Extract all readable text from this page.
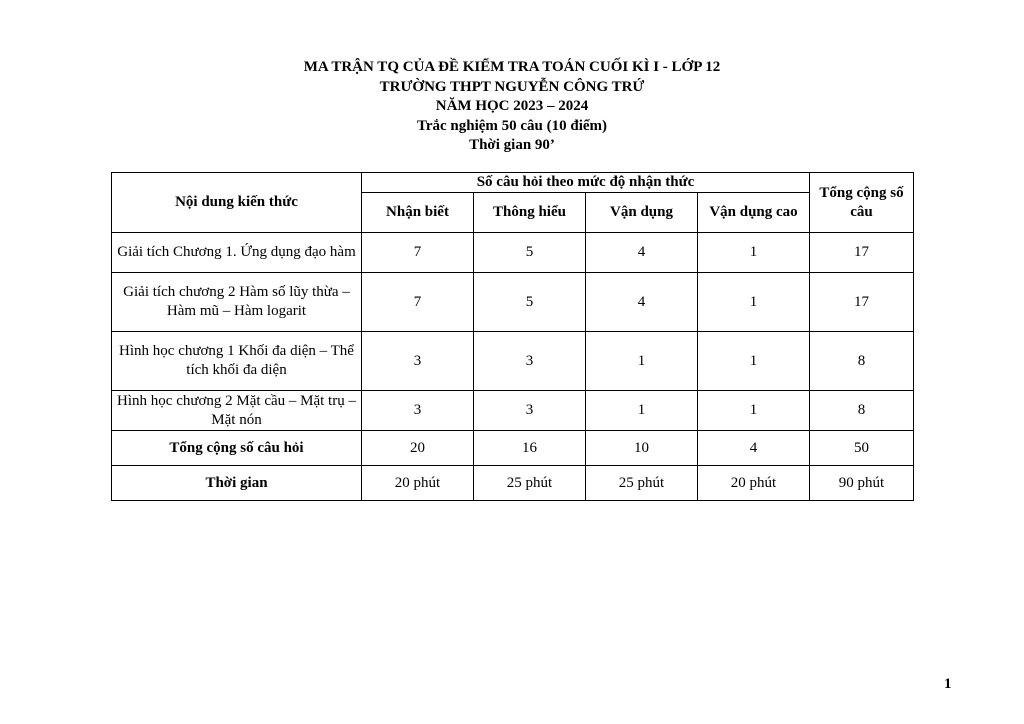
MA TRẬN TQ CỦA ĐỀ KIỂM TRA TOÁN CUỐI KÌ I - LỚP 12
TRƯỜNG THPT NGUYỄN CÔNG TRỨ
NĂM HỌC 2023 – 2024
Trắc nghiệm 50 câu (10 điểm)
Thời gian 90’
Nội dung kiến thức	Số câu hỏi theo mức độ nhận thức				Tổng cộng số câu
	Nhận biết	Thông hiểu	Vận dụng	Vận dụng cao	
Giải tích Chương 1. Ứng dụng đạo hàm	7	5	4	1	17
Giải tích chương 2 Hàm số lũy thừa – Hàm mũ – Hàm logarit	7	5	4	1	17
Hình học chương 1 Khối đa diện – Thể tích khối đa diện	3	3	1	1	8
Hình học chương 2 Mặt cầu – Mặt trụ – Mặt nón	3	3	1	1	8
Tổng cộng số câu hỏi	20	16	10	4	50
Thời gian	20 phút	25 phút	25 phút	20 phút	90 phút
1
